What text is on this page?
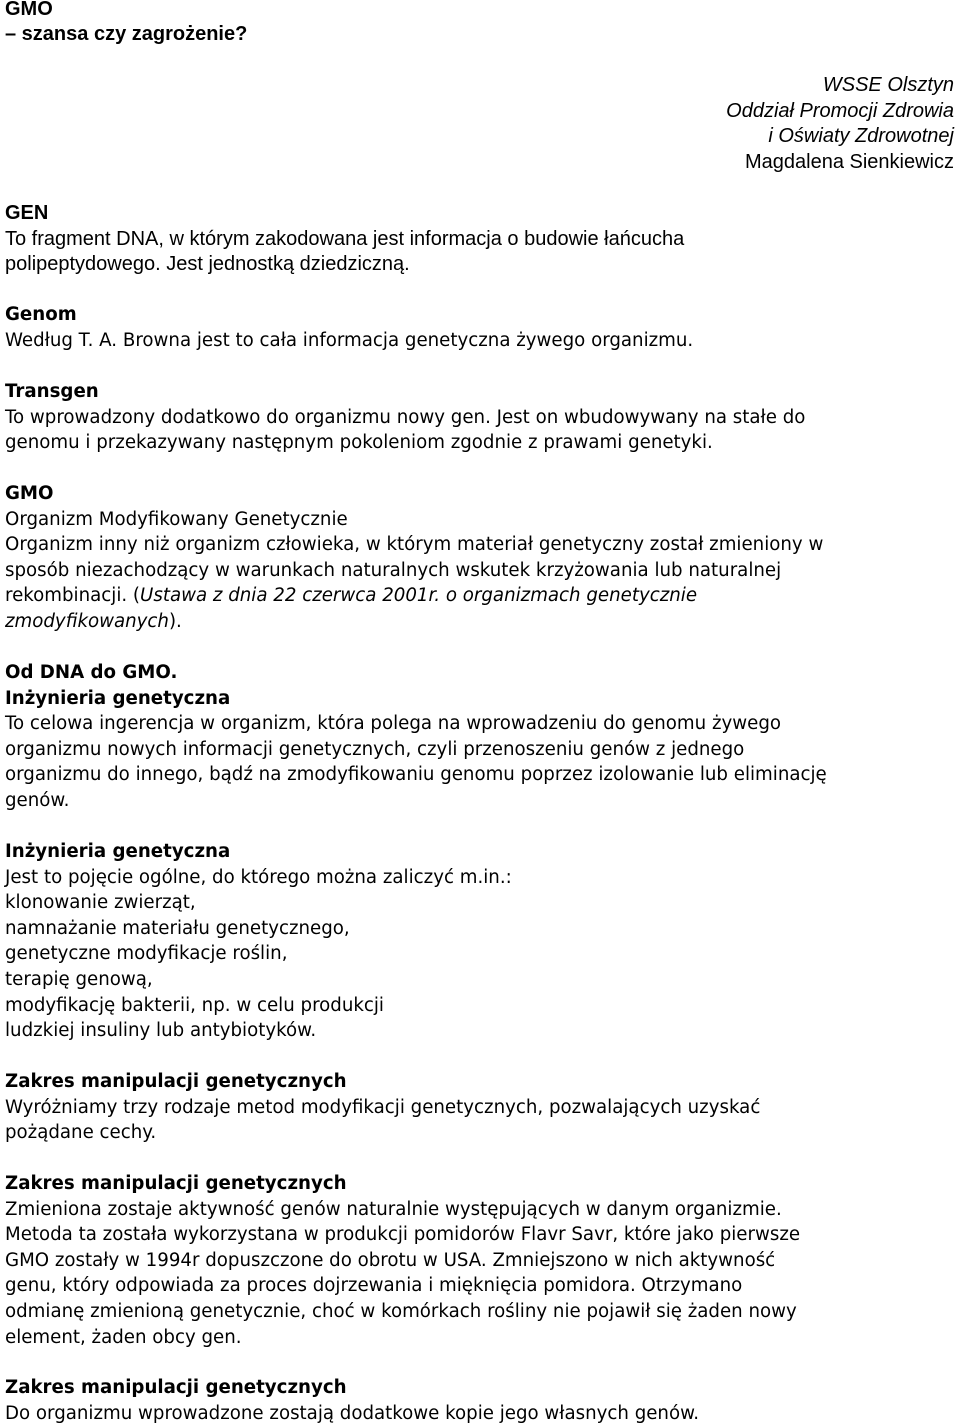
GMO

– szansa czy zagrożenie?

WSSE Olsztyn
Oddział Promocji Zdrowia
i Oświaty Zdrowotnej
Magdalena Sienkiewicz
GEN

To fragment DNA, w którym zakodowana jest informacja o budowie łańcucha

polipeptydowego. Jest jednostką dziedziczną.

Genom

Według T. A. Browna jest to cała informacja genetyczna żywego organizmu.

Transgen

To wprowadzony dodatkowo do organizmu nowy gen. Jest on wbudowywany na stałe do

genomu i przekazywany następnym pokoleniom zgodnie z prawami genetyki.

GMO

Organizm Modyfikowany Genetycznie

Organizm inny niż organizm człowieka, w którym materiał genetyczny został zmieniony w

sposób niezachodzący w warunkach naturalnych wskutek krzyżowania lub naturalnej

rekombinacji. (Ustawa z dnia 22 czerwca 2001r. o organizmach genetycznie

zmodyfikowanych).

Od DNA do GMO.
Inżynieria genetyczna

To celowa ingerencja w organizm, która polega na wprowadzeniu do genomu żywego

organizmu nowych informacji genetycznych, czyli przenoszeniu genów z jednego

organizmu do innego, bądź na zmodyfikowaniu genomu poprzez izolowanie lub eliminację

genów.

Inżynieria genetyczna

Jest to pojęcie ogólne, do którego można zaliczyć m.in.:

klonowanie zwierząt,

namnażanie materiału genetycznego,

genetyczne modyfikacje roślin,

terapię genową,

modyfikację bakterii, np. w celu produkcji

ludzkiej insuliny lub antybiotyków.

Zakres manipulacji genetycznych

Wyróżniamy trzy rodzaje metod modyfikacji genetycznych, pozwalających uzyskać

pożądane cechy.

Zakres manipulacji genetycznych

Zmieniona zostaje aktywność genów naturalnie występujących w danym organizmie.

Metoda ta została wykorzystana w produkcji pomidorów Flavr Savr, które jako pierwsze

GMO zostały w 1994r dopuszczone do obrotu w USA. Zmniejszono w nich aktywność

genu, który odpowiada za proces dojrzewania i mięknięcia pomidora. Otrzymano

odmianę zmienioną genetycznie, choć w komórkach rośliny nie pojawił się żaden nowy

element, żaden obcy gen.

Zakres manipulacji genetycznych

Do organizmu wprowadzone zostają dodatkowe kopie jego własnych genów.
